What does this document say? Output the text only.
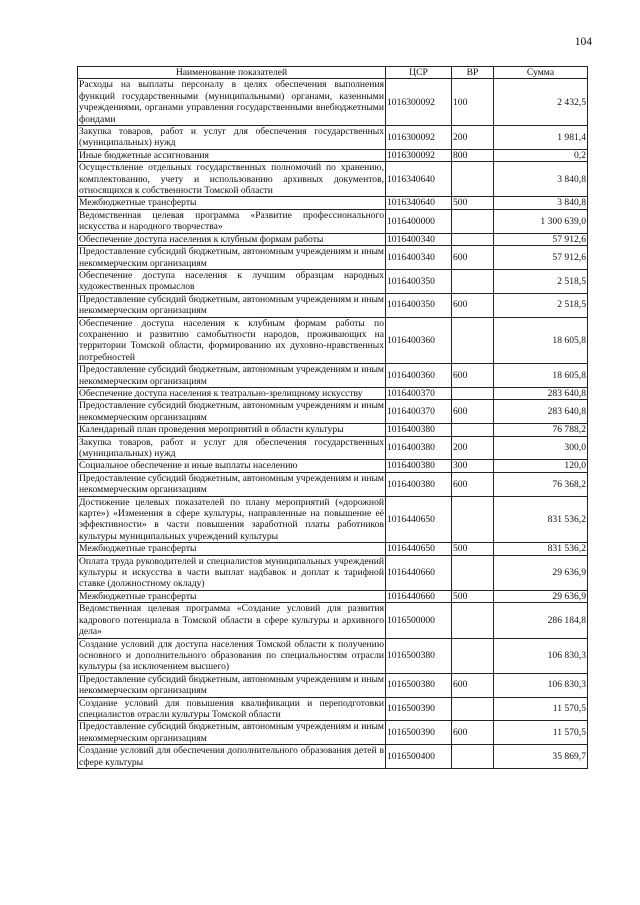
104
Наименование показателей	ЦСР	ВР	Сумма
Расходы на выплаты персоналу в целях обеспечения выполнения функций государственными (муниципальными) органами, казенными учреждениями, органами управления государственными внебюджетными фондами	1016300092	100	2 432,5
Закупка товаров, работ и услуг для обеспечения государственных (муниципальных) нужд	1016300092	200	1 981,4
Иные бюджетные ассигнования	1016300092	800	0,2
Осуществление отдельных государственных полномочий по хранению, комплектованию, учету и использованию архивных документов, относящихся к собственности Томской области	1016340640		3 840,8
Межбюджетные трансферты	1016340640	500	3 840,8
Ведомственная целевая программа «Развитие профессионального искусства и народного творчества»	1016400000		1 300 639,0
Обеспечение доступа населения к клубным формам работы	1016400340		57 912,6
Предоставление субсидий бюджетным, автономным учреждениям и иным некоммерческим организациям	1016400340	600	57 912,6
Обеспечение доступа населения к лучшим образцам народных художественных промыслов	1016400350		2 518,5
Предоставление субсидий бюджетным, автономным учреждениям и иным некоммерческим организациям	1016400350	600	2 518,5
Обеспечение доступа населения к клубным формам работы по сохранению и развитию самобытности народов, проживающих на территории Томской области, формированию их духовно-нравственных потребностей	1016400360		18 605,8
Предоставление субсидий бюджетным, автономным учреждениям и иным некоммерческим организациям	1016400360	600	18 605,8
Обеспечение доступа населения к театрально-зрелищному искусству	1016400370		283 640,8
Предоставление субсидий бюджетным, автономным учреждениям и иным некоммерческим организациям	1016400370	600	283 640,8
Календарный план проведения мероприятий в области культуры	1016400380		76 788,2
Закупка товаров, работ и услуг для обеспечения государственных (муниципальных) нужд	1016400380	200	300,0
Социальное обеспечение и иные выплаты населению	1016400380	300	120,0
Предоставление субсидий бюджетным, автономным учреждениям и иным некоммерческим организациям	1016400380	600	76 368,2
Достижение целевых показателей по плану мероприятий («дорожной карте») «Изменения в сфере культуры, направленные на повышение её эффективности» в части повышения заработной платы работников культуры муниципальных учреждений культуры	1016440650		831 536,2
Межбюджетные трансферты	1016440650	500	831 536,2
Оплата труда руководителей и специалистов муниципальных учреждений культуры и искусства в части выплат надбавок и доплат к тарифной ставке (должностному окладу)	1016440660		29 636,9
Межбюджетные трансферты	1016440660	500	29 636,9
Ведомственная целевая программа «Создание условий для развития кадрового потенциала в Томской области в сфере культуры и архивного дела»	1016500000		286 184,8
Создание условий для доступа населения Томской области к получению основного и дополнительного образования по специальностям отрасли культуры (за исключением высшего)	1016500380		106 830,3
Предоставление субсидий бюджетным, автономным учреждениям и иным некоммерческим организациям	1016500380	600	106 830,3
Создание условий для повышения квалификации и переподготовки специалистов отрасли культуры Томской области	1016500390		11 570,5
Предоставление субсидий бюджетным, автономным учреждениям и иным некоммерческим организациям	1016500390	600	11 570,5
Создание условий для обеспечения дополнительного образования детей в сфере культуры	1016500400		35 869,7
